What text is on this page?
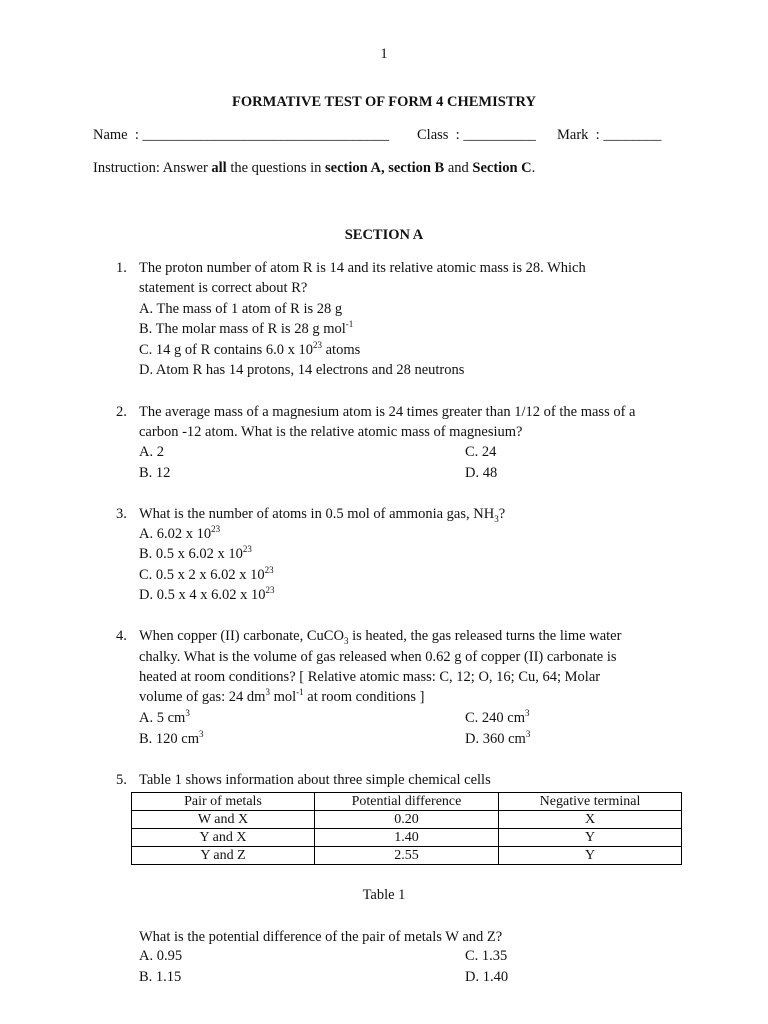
1
FORMATIVE TEST OF FORM 4 CHEMISTRY
Name : __________________________________ Class : __________ Mark : ________
Instruction: Answer all the questions in section A, section B and Section C.
SECTION A
1. The proton number of atom R is 14 and its relative atomic mass is 28. Which
statement is correct about R?
A. The mass of 1 atom of R is 28 g
B. The molar mass of R is 28 g mol$^{-1}$
C. 14 g of R contains 6.0 x $10^{23}$ atoms
D. Atom R has 14 protons, 14 electrons and 28 neutrons
2. The average mass of a magnesium atom is 24 times greater than 1/12 of the mass of a
carbon -12 atom. What is the relative atomic mass of magnesium?
A. 2	C. 24
B. 12	D. 48
3. What is the number of atoms in 0.5 mol of ammonia gas, $NH_3$?
A. 6.02 x $10^{23}$
B. 0.5 x 6.02 x $10^{23}$
C. 0.5 x 2 x 6.02 x $10^{23}$
D. 0.5 x 4 x 6.02 x $10^{23}$
4. When copper (II) carbonate, CuCO$_3$ is heated, the gas released turns the lime water
chalky. What is the volume of gas released when 0.62 g of copper (II) carbonate is
heated at room conditions? [ Relative atomic mass: C, 12; O, 16; Cu, 64; Molar
volume of gas: 24 $dm^3$ mol$^{-1}$ at room conditions ]
A. 5 $cm^3$	C. 240 $cm^3$
B. 120 $cm^3$	D. 360 $cm^3$
5. Table 1 shows information about three simple chemical cells
Pair of metals	Potential difference	Negative terminal
W and X	0.20	X
Y and X	1.40	Y
Y and Z	2.55	Y
Table 1
What is the potential difference of the pair of metals W and Z?
A. 0.95	C. 1.35
B. 1.15	D. 1.40
